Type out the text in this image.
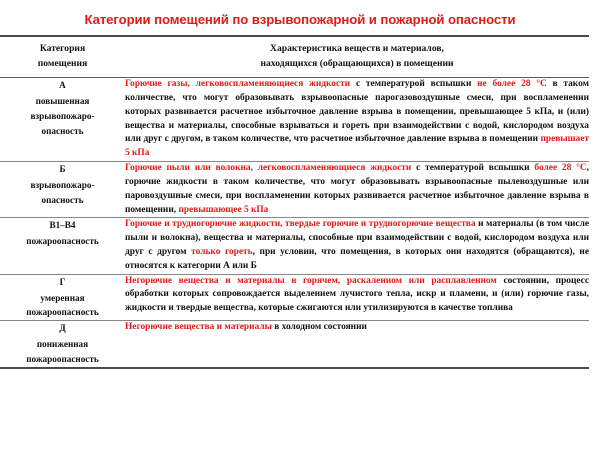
Категории помещений по взрывопожарной и пожарной опасности
Категория
помещения	Характеристика веществ и материалов,
находящихся (обращающихся) в помещении

А
повышенная
взрывопожаро-
опасность
	Горючие газы, легковоспламеняющиеся жидкости с температурой вспышки не более 28 °C в таком количестве, что могут образовывать взрывоопасные парогазовоздушные смеси, при воспламенении которых развивается расчетное избыточное давление взрыва в помещении, превышающее 5 кПа, и (или) вещества и материалы, способные взрываться и гореть при взаимодействии с водой, кислородом воздуха или друг с другом, в таком количестве, что расчетное избыточное давление взрыва в помещении превышает 5 кПа

Б
взрывопожаро-
опасность
	Горючие пыли или волокна, легковоспламеняющиеся жидкости с температурой вспышки более 28 °C, горючие жидкости в таком количестве, что могут образовывать взрывоопасные пылевоздушные или паровоздушные смеси, при воспламенении которых развивается расчетное избыточное давление взрыва в помещении, превышающее 5 кПа

В1–В4
пожароопасность	Горючие и трудногорючие жидкости, твердые горючие и трудногорючие вещества и материалы (в том числе пыли и волокна), вещества и материалы, способные при взаимодействии с водой, кислородом воздуха или друг с другом только гореть, при условии, что помещения, в которых они находятся (обращаются), не относятся к категории А или Б

Г
умеренная
пожароопасность
	Негорючие вещества и материалы в горячем, раскаленном или расплавленном состоянии, процесс обработки которых сопровождается выделением лучистого тепла, искр и пламени, и (или) горючие газы, жидкости и твердые вещества, которые сжигаются или утилизируются в качестве топлива

Д
пониженная
пожароопасность	Негорючие вещества и материалы в холодном состоянии
